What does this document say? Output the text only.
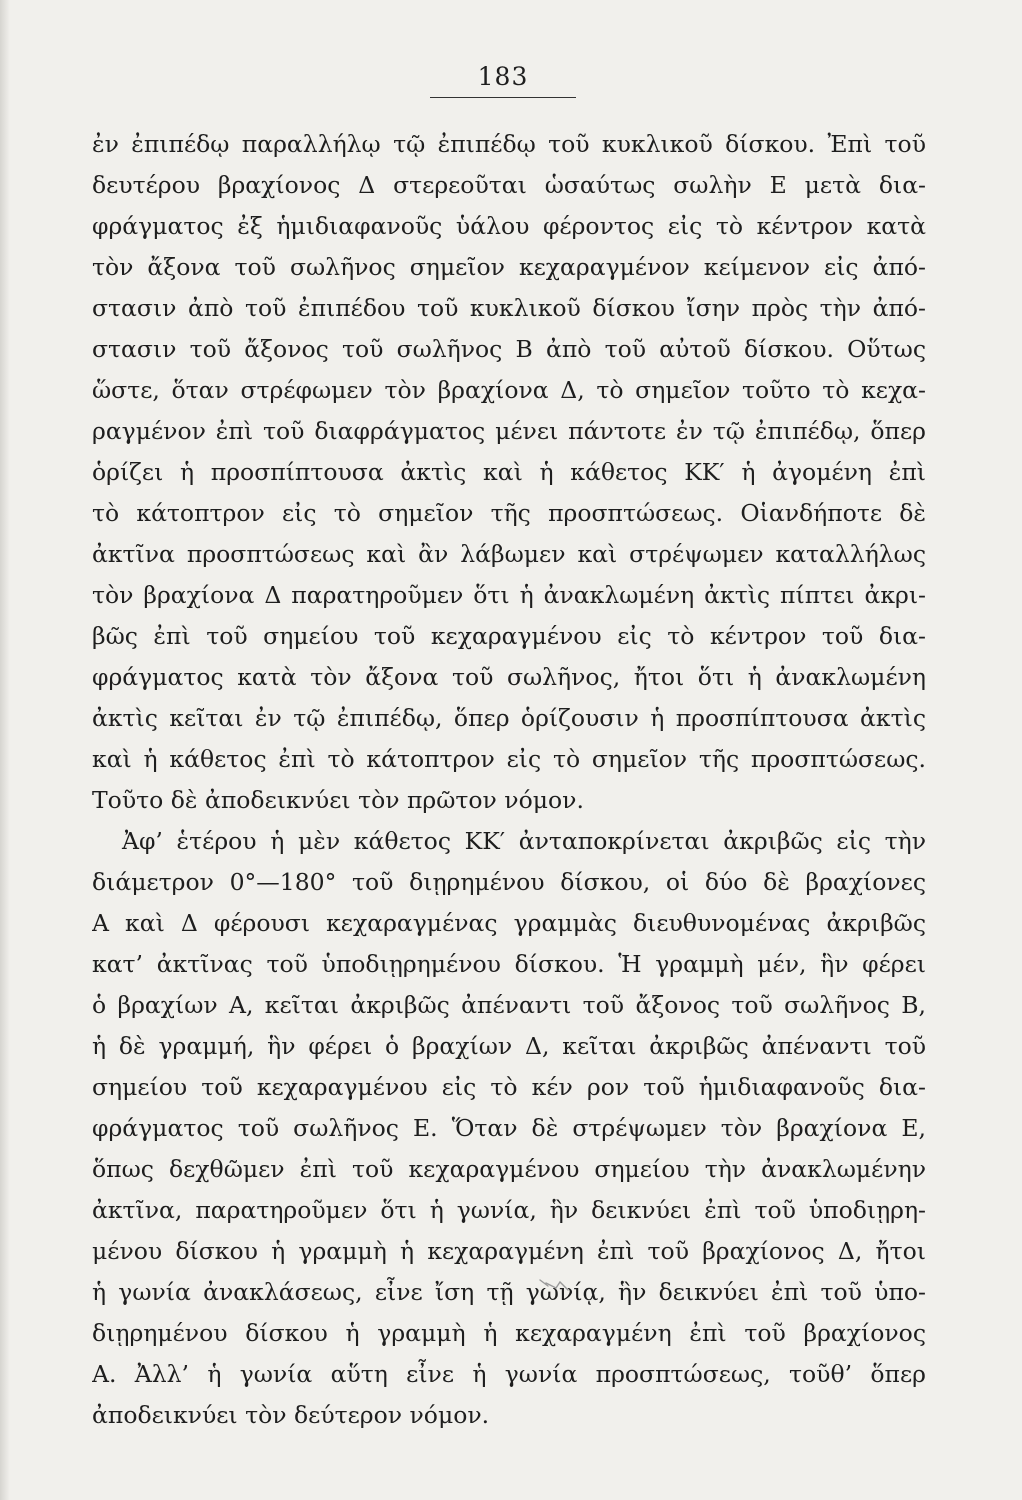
183
ἐν ἐπιπέδῳ παραλλήλῳ τῷ ἐπιπέδῳ τοῦ κυκλικοῦ δίσκου. Ἐπὶ τοῦ
δευτέρου βραχίονος Δ στερεοῦται ὡσαύτως σωλὴν Ε μετὰ δια-
φράγματος ἐξ ἡμιδιαφανοῦς ὑάλου φέροντος εἰς τὸ κέντρον κατὰ
τὸν ἄξονα τοῦ σωλῆνος σημεῖον κεχαραγμένον κείμενον εἰς ἀπό-
στασιν ἀπὸ τοῦ ἐπιπέδου τοῦ κυκλικοῦ δίσκου ἴσην πρὸς τὴν ἀπό-
στασιν τοῦ ἄξονος τοῦ σωλῆνος Β ἀπὸ τοῦ αὐτοῦ δίσκου. Οὕτως
ὥστε, ὅταν στρέφωμεν τὸν βραχίονα Δ, τὸ σημεῖον τοῦτο τὸ κεχα-
ραγμένον ἐπὶ τοῦ διαφράγματος μένει πάντοτε ἐν τῷ ἐπιπέδῳ, ὅπερ
ὁρίζει ἡ προσπίπτουσα ἀκτὶς καὶ ἡ κάθετος ΚΚ′ ἡ ἀγομένη ἐπὶ
τὸ κάτοπτρον εἰς τὸ σημεῖον τῆς προσπτώσεως. Οἱανδήποτε δὲ
ἀκτῖνα προσπτώσεως καὶ ἂν λάβωμεν καὶ στρέψωμεν καταλλήλως
τὸν βραχίονα Δ παρατηροῦμεν ὅτι ἡ ἀνακλωμένη ἀκτὶς πίπτει ἀκρι-
βῶς ἐπὶ τοῦ σημείου τοῦ κεχαραγμένου εἰς τὸ κέντρον τοῦ δια-
φράγματος κατὰ τὸν ἄξονα τοῦ σωλῆνος, ἤτοι ὅτι ἡ ἀνακλωμένη
ἀκτὶς κεῖται ἐν τῷ ἐπιπέδῳ, ὅπερ ὁρίζουσιν ἡ προσπίπτουσα ἀκτὶς
καὶ ἡ κάθετος ἐπὶ τὸ κάτοπτρον εἰς τὸ σημεῖον τῆς προσπτώσεως.
Τοῦτο δὲ ἀποδεικνύει τὸν πρῶτον νόμον.
Ἀφ’ ἑτέρου ἡ μὲν κάθετος ΚΚ′ ἀνταποκρίνεται ἀκριβῶς εἰς τὴν
διάμετρον 0°—180° τοῦ διῃρημένου δίσκου, οἱ δύο δὲ βραχίονες
Α καὶ Δ φέρουσι κεχαραγμένας γραμμὰς διευθυνομένας ἀκριβῶς
κατ’ ἀκτῖνας τοῦ ὑποδιῃρημένου δίσκου. Ἡ γραμμὴ μέν, ἣν φέρει
ὁ βραχίων Α, κεῖται ἀκριβῶς ἀπέναντι τοῦ ἄξονος τοῦ σωλῆνος Β,
ἡ δὲ γραμμή, ἣν φέρει ὁ βραχίων Δ, κεῖται ἀκριβῶς ἀπέναντι τοῦ
σημείου τοῦ κεχαραγμένου εἰς τὸ κέν ρον τοῦ ἡμιδιαφανοῦς δια-
φράγματος τοῦ σωλῆνος Ε. Ὅταν δὲ στρέψωμεν τὸν βραχίονα Ε,
ὅπως δεχθῶμεν ἐπὶ τοῦ κεχαραγμένου σημείου τὴν ἀνακλωμένην
ἀκτῖνα, παρατηροῦμεν ὅτι ἡ γωνία, ἣν δεικνύει ἐπὶ τοῦ ὑποδιῃρη-
μένου δίσκου ἡ γραμμὴ ἡ κεχαραγμένη ἐπὶ τοῦ βραχίονος Δ, ἤτοι
ἡ γωνία ἀνακλάσεως, εἶνε ἴση τῇ γωνίᾳ, ἣν δεικνύει ἐπὶ τοῦ ὑπο-
διῃρημένου δίσκου ἡ γραμμὴ ἡ κεχαραγμένη ἐπὶ τοῦ βραχίονος
Α. Ἀλλ’ ἡ γωνία αὕτη εἶνε ἡ γωνία προσπτώσεως, τοῦθ’ ὅπερ
ἀποδεικνύει τὸν δεύτερον νόμον.
